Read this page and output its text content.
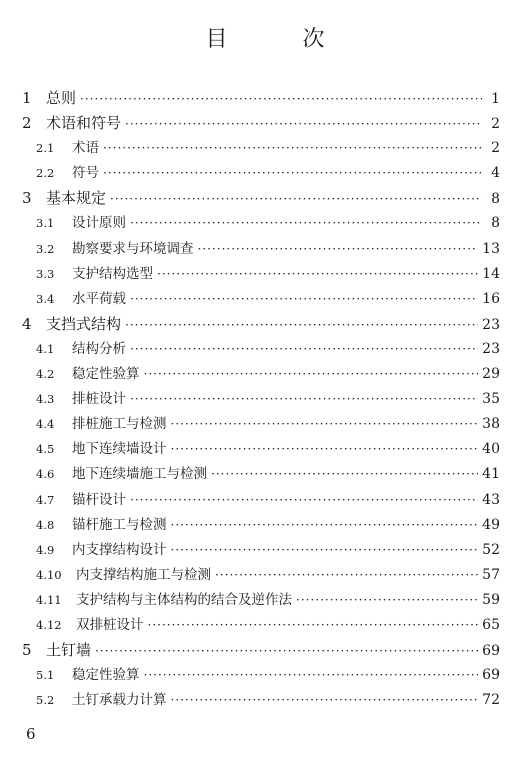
目 次
1 总则 ·····	1
2 术语和符号 ·····	2
2.1	术语 ·····	2
2.2	符号 ·····	4
3 基本规定 ·····	8
3.1	设计原则 ·····	8
3.2	勘察要求与环境调查 ·····	13
3.3	支护结构选型 ·····	14
3.4	水平荷载 ·····	16
4 支挡式结构 ·····	23
4.1	结构分析 ·····	23
4.2	稳定性验算 ·····	29
4.3	排桩设计 ·····	35
4.4	排桩施工与检测 ·····	38
4.5	地下连续墙设计 ·····	40
4.6	地下连续墙施工与检测 ·····	41
4.7	锚杆设计 ·····	43
4.8	锚杆施工与检测 ·····	49
4.9	内支撑结构设计 ·····	52
4.10	内支撑结构施工与检测 ·····	57
4.11	支护结构与主体结构的结合及逆作法 ·····	59
4.12	双排桩设计 ·····	65
5 土钉墙 ·····	69
5.1	稳定性验算 ·····	69
5.2	土钉承载力计算 ·····	72
6
